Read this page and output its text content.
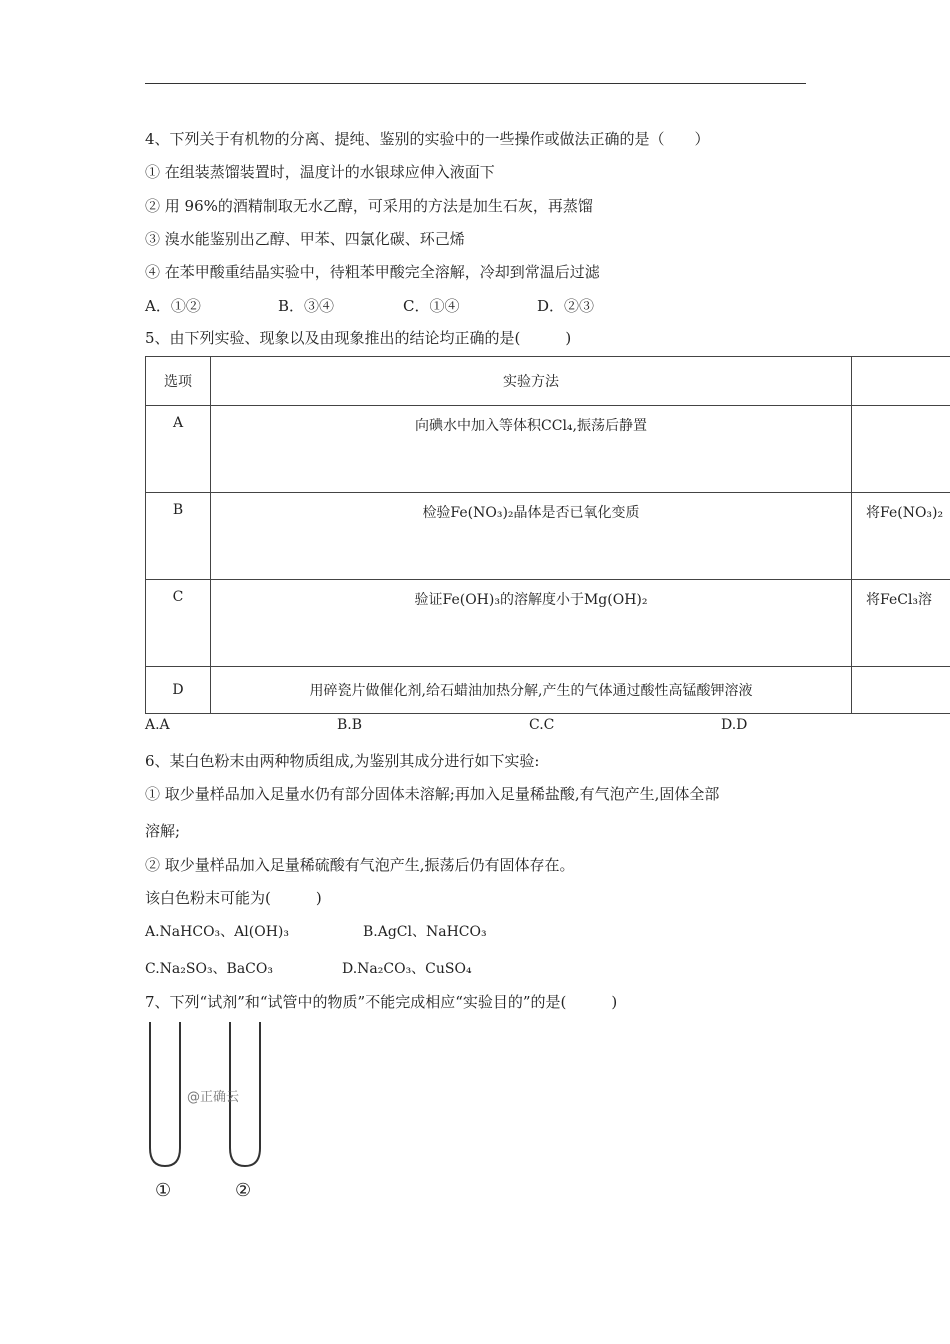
4、下列关于有机物的分离、提纯、鉴别的实验中的一些操作或做法正确的是（　　）
① 在组装蒸馏装置时，温度计的水银球应伸入液面下
② 用 96%的酒精制取无水乙醇，可采用的方法是加生石灰，再蒸馏
③ 溴水能鉴别出乙醇、甲苯、四氯化碳、环己烯
④ 在苯甲酸重结晶实验中，待粗苯甲酸完全溶解，冷却到常温后过滤
A．①②	B．③④	C．①④	D．②③
5、由下列实验、现象以及由现象推出的结论均正确的是(　　　)
选项	实验方法	

A	向碘水中加入等体积CCl₄,振荡后静置	

B	检验Fe(NO₃)₂晶体是否已氧化变质	将Fe(NO₃)₂

C	验证Fe(OH)₃的溶解度小于Mg(OH)₂	将FeCl₃溶

D	用碎瓷片做催化剂,给石蜡油加热分解,产生的气体通过酸性高锰酸钾溶液	
A.A	B.B	C.C	D.D
6、某白色粉末由两种物质组成,为鉴别其成分进行如下实验:
① 取少量样品加入足量水仍有部分固体未溶解;再加入足量稀盐酸,有气泡产生,固体全部
溶解;
② 取少量样品加入足量稀硫酸有气泡产生,振荡后仍有固体存在。
该白色粉末可能为(　　　)
A.NaHCO₃、Al(OH)₃	B.AgCl、NaHCO₃
C.Na₂SO₃、BaCO₃	D.Na₂CO₃、CuSO₄
7、下列“试剂”和“试管中的物质”不能完成相应“实验目的”的是(　　　)
@正确云
①	②
